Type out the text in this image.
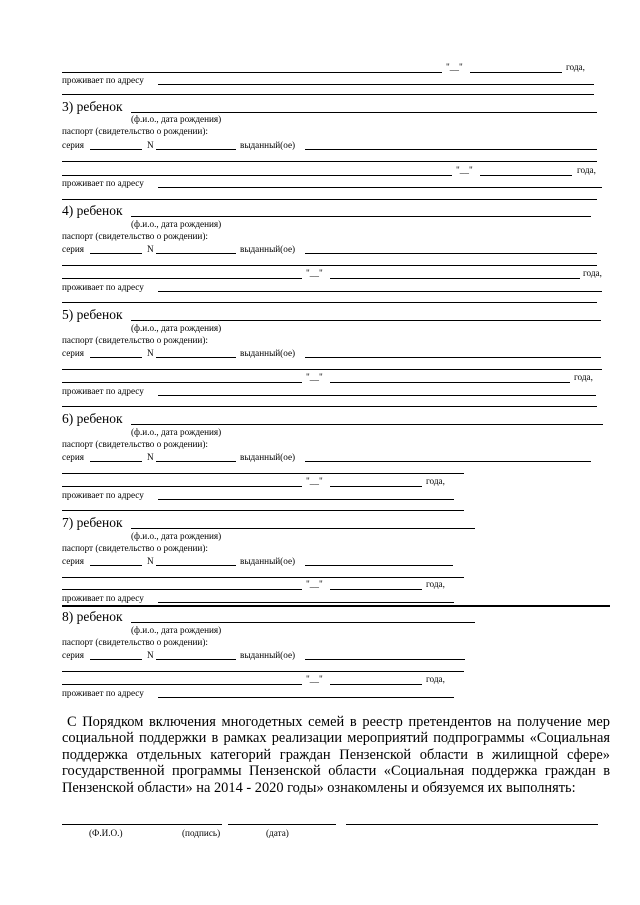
"__"	года,
проживает по адресу
3) ребенок
(ф.и.о., дата рождения)
паспорт (свидетельство о рождении):
серия	N	выданный(ое)
"__"	года,
проживает по адресу
4) ребенок
(ф.и.о., дата рождения)
паспорт (свидетельство о рождении):
серия	N	выданный(ое)
"__"	года,
проживает по адресу
5) ребенок
(ф.и.о., дата рождения)
паспорт (свидетельство о рождении):
серия	N	выданный(ое)
"__"	года,
проживает по адресу
6) ребенок
(ф.и.о., дата рождения)
паспорт (свидетельство о рождении):
серия	N	выданный(ое)
"__"	года,
проживает по адресу
7) ребенок
(ф.и.о., дата рождения)
паспорт (свидетельство о рождении):
серия	N	выданный(ое)
"__"	года,
проживает по адресу
8) ребенок
(ф.и.о., дата рождения)
паспорт (свидетельство о рождении):
серия	N	выданный(ое)
"__"	года,
проживает по адресу
С Порядком включения многодетных семей в реестр претендентов на получение мер социальной поддержки в рамках реализации мероприятий подпрограммы «Социальная поддержка отдельных категорий граждан Пензенской области в жилищной сфере» государственной программы Пензенской области «Социальная поддержка граждан в Пензенской области» на 2014 - 2020 годы» ознакомлены и обязуемся их выполнять:
(Ф.И.О.)	(подпись)	(дата)
